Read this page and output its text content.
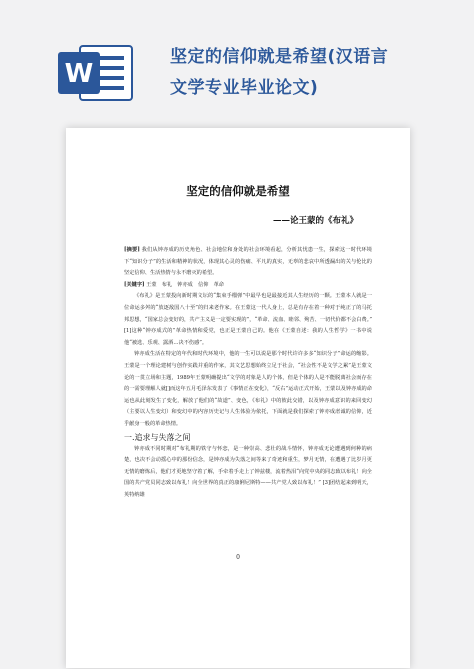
W
坚定的信仰就是希望(汉语言
文学专业毕业论文)
坚定的信仰就是希望
——论王蒙的《布礼》

[摘要] 我们从钟亦成的历史角色、社会地位和身处的社会环境看起，分析其忧患一生，探索这一时代环境下“知识分子”的生活和精神的状况，体现其心灵的伤痛、平凡的真实，无辜的悲哀中所透漏出的关与伦比的坚定信仰、生活热情与永不磨灭的希望。

[关键字] 王蒙　布礼　钟亦成　信仰　革命

《布礼》是王蒙投向新时期文坛的“集束手榴弹”中最早也是最接近其人生经历的一颗。王蒙本人就是一位命运多舛的“放逐敌国八十至”的归来老作家。在王蒙这一代人身上，总是有存在着一种对于纯正了的马托邦思想，“国家总会变好的，共产主义是一定要实现的”，“革命、流血、睦邻、殉苦、一切代价都不会白费。” [1]这种“钟亦成式的”革命热情和爱党，也正是王蒙自己的。他在《王蒙自述：我的人生哲学》一书中说他“被选、乐观、露酒…决不伤感”。

钟亦成生活在特定的年代和时代环境中，他的一生可以说是那个时代许许多多“知识分子”命运的缩影。王蒙是一个理论建树与创作实践并重的作家，其文艺思想始终立足于社会，“社会性不是文学之累”是王蒙文论的一贯立场和主题，1989年王蒙明确提出“文学的对象是人的个体，但是个体的人是不能脱离社会而存在的一需要理解人就[]而这年五月毛泽东发表了《事情正在变化》，“反右”运动正式开始，王蒙以及钟亦成的命运也从此刻发生了变化，解放了他们的“故道”、变色，《布礼》中的彼此交错，以及钟亦成意识的来回变幻（主要以人生变幻）和变幻中的内容历史记与人生体验为依托，下面就是我们探索了钟亦成虐诚的信仰，近乎献身一般的革命热情。

一.追求与失落之间

钟亦成不同时期对“布礼期的铁守与怀恋，是一种崇高、悲壮的战斗情怀，钟亦成无论遭遇到何种的病楚，也决不会动摇心中的那份信念，是钟亦成为失落之间等来了奇迹和重生，梦月无情，在遭遇了比岁月更无情的磨炼后，他们才更地坚守着了解，手牵着手走上了钟兹楼，流着热泪“向党中央的同志致以布礼！向全国的共产党员同志致以布礼！向全世界的真正的康俐尼斯特——共产党人致以布礼！” [3]团结起来到明天，英特纳雄

0
